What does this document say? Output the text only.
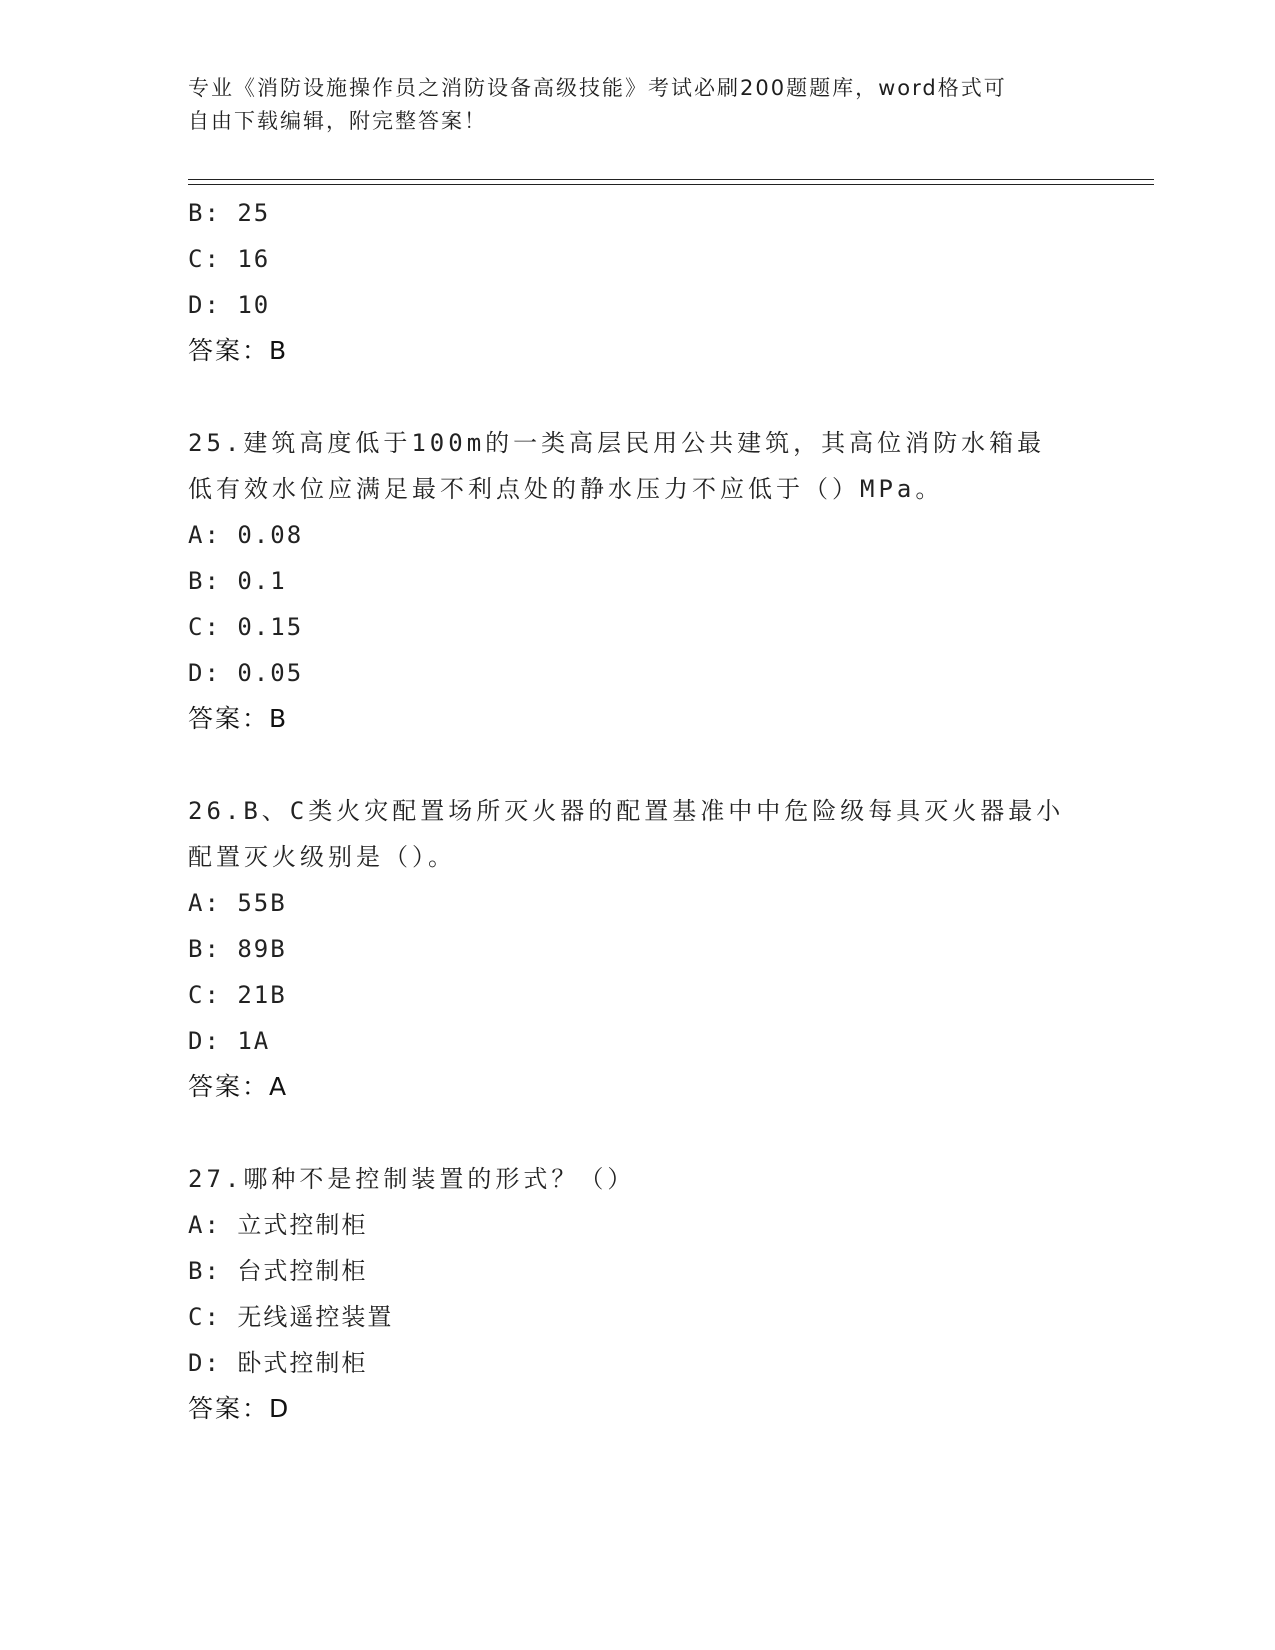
专业《消防设施操作员之消防设备高级技能》考试必刷200题题库，word格式可
自由下载编辑，附完整答案！
B: 25
C: 16
D: 10
答案：B
25.建筑高度低于100m的一类高层民用公共建筑，其高位消防水箱最
低有效水位应满足最不利点处的静水压力不应低于（）MPa。
A: 0.08
B: 0.1
C: 0.15
D: 0.05
答案：B
26.B、C类火灾配置场所灭火器的配置基准中中危险级每具灭火器最小
配置灭火级别是（）。
A: 55B
B: 89B
C: 21B
D: 1A
答案：A
27.哪种不是控制装置的形式？（）
A: 立式控制柜
B: 台式控制柜
C: 无线遥控装置
D: 卧式控制柜
答案：D
